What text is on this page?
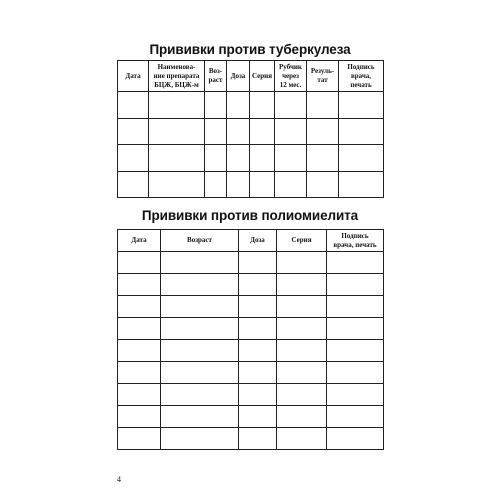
Прививки против туберкулеза
Дата	Наименова-
ние препарата
БЦЖ, БЦЖ-м	Воз-
раст	Доза	Серия	Рубчик
через
12 мес.	Резуль-
тат	Подпись
врача,
печать

Прививки против полиомиелита
Дата	Возраст	Доза	Серия	Подпись
врача, печать

4
